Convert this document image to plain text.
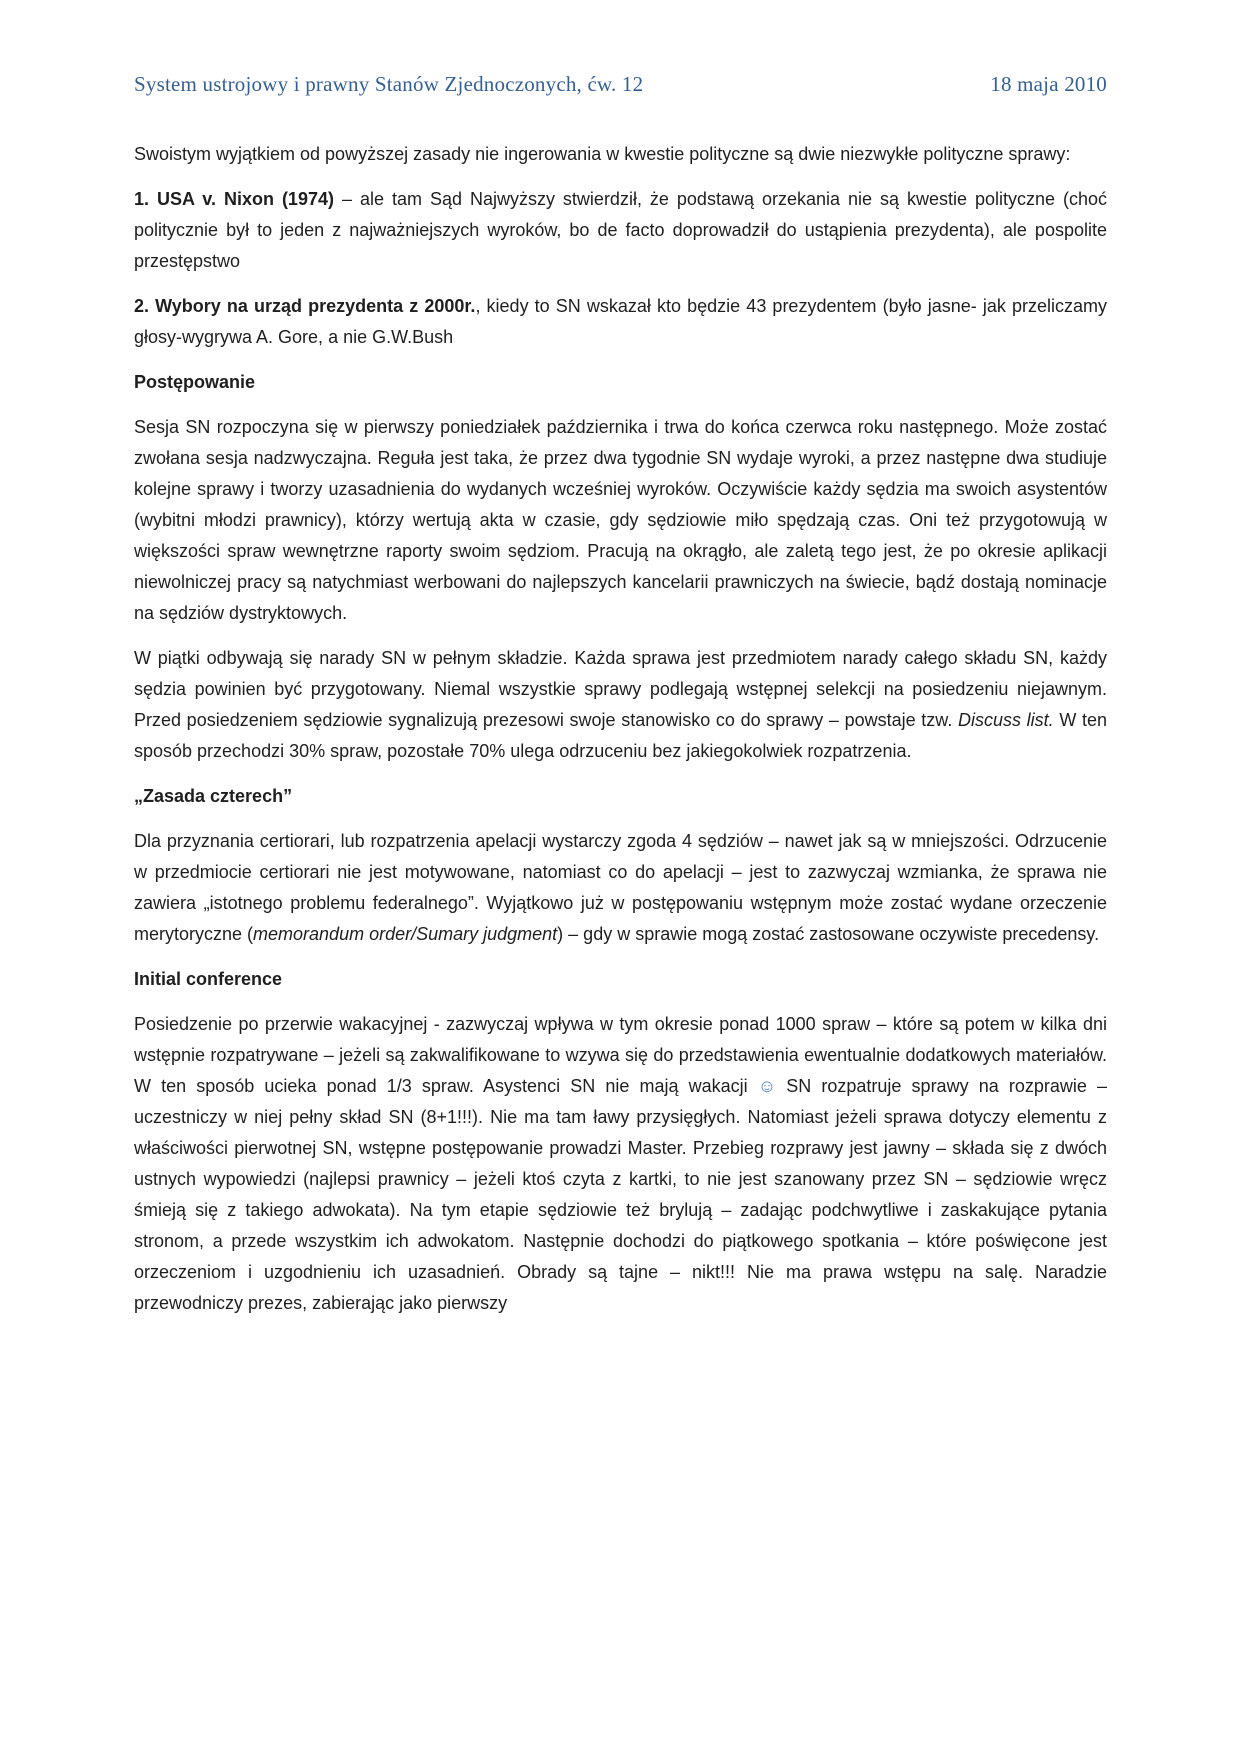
System ustrojowy i prawny Stanów Zjednoczonych, ćw. 12	18 maja 2010

Swoistym wyjątkiem od powyższej zasady nie ingerowania w kwestie polityczne są dwie niezwykłe polityczne sprawy:

1. USA v. Nixon (1974) – ale tam Sąd Najwyższy stwierdził, że podstawą orzekania nie są kwestie polityczne (choć politycznie był to jeden z najważniejszych wyroków, bo de facto doprowadził do ustąpienia prezydenta), ale pospolite przestępstwo

2. Wybory na urząd prezydenta z 2000r., kiedy to SN wskazał kto będzie 43 prezydentem (było jasne- jak przeliczamy głosy-wygrywa A. Gore, a nie G.W.Bush

Postępowanie

Sesja SN rozpoczyna się w pierwszy poniedziałek października i trwa do końca czerwca roku następnego. Może zostać zwołana sesja nadzwyczajna. Reguła jest taka, że przez dwa tygodnie SN wydaje wyroki, a przez następne dwa studiuje kolejne sprawy i tworzy uzasadnienia do wydanych wcześniej wyroków. Oczywiście każdy sędzia ma swoich asystentów (wybitni młodzi prawnicy), którzy wertują akta w czasie, gdy sędziowie miło spędzają czas. Oni też przygotowują w większości spraw wewnętrzne raporty swoim sędziom. Pracują na okrągło, ale zaletą tego jest, że po okresie aplikacji niewolniczej pracy są natychmiast werbowani do najlepszych kancelarii prawniczych na świecie, bądź dostają nominacje na sędziów dystryktowych.

W piątki odbywają się narady SN w pełnym składzie. Każda sprawa jest przedmiotem narady całego składu SN, każdy sędzia powinien być przygotowany. Niemal wszystkie sprawy podlegają wstępnej selekcji na posiedzeniu niejawnym. Przed posiedzeniem sędziowie sygnalizują prezesowi swoje stanowisko co do sprawy – powstaje tzw. Discuss list. W ten sposób przechodzi 30% spraw, pozostałe 70% ulega odrzuceniu bez jakiegokolwiek rozpatrzenia.

„Zasada czterech”

Dla przyznania certiorari, lub rozpatrzenia apelacji wystarczy zgoda 4 sędziów – nawet jak są w mniejszości. Odrzucenie w przedmiocie certiorari nie jest motywowane, natomiast co do apelacji – jest to zazwyczaj wzmianka, że sprawa nie zawiera „istotnego problemu federalnego”. Wyjątkowo już w postępowaniu wstępnym może zostać wydane orzeczenie merytoryczne (memorandum order/Sumary judgment) – gdy w sprawie mogą zostać zastosowane oczywiste precedensy.

Initial conference

Posiedzenie po przerwie wakacyjnej - zazwyczaj wpływa w tym okresie ponad 1000 spraw – które są potem w kilka dni wstępnie rozpatrywane – jeżeli są zakwalifikowane to wzywa się do przedstawienia ewentualnie dodatkowych materiałów. W ten sposób ucieka ponad 1/3 spraw. Asystenci SN nie mają wakacji ☺ SN rozpatruje sprawy na rozprawie – uczestniczy w niej pełny skład SN (8+1!!!). Nie ma tam ławy przysięgłych. Natomiast jeżeli sprawa dotyczy elementu z właściwości pierwotnej SN, wstępne postępowanie prowadzi Master. Przebieg rozprawy jest jawny – składa się z dwóch ustnych wypowiedzi (najlepsi prawnicy – jeżeli ktoś czyta z kartki, to nie jest szanowany przez SN – sędziowie wręcz śmieją się z takiego adwokata). Na tym etapie sędziowie też brylują – zadając podchwytliwe i zaskakujące pytania stronom, a przede wszystkim ich adwokatom. Następnie dochodzi do piątkowego spotkania – które poświęcone jest orzeczeniom i uzgodnieniu ich uzasadnień. Obrady są tajne – nikt!!! Nie ma prawa wstępu na salę. Naradzie przewodniczy prezes, zabierając jako pierwszy
